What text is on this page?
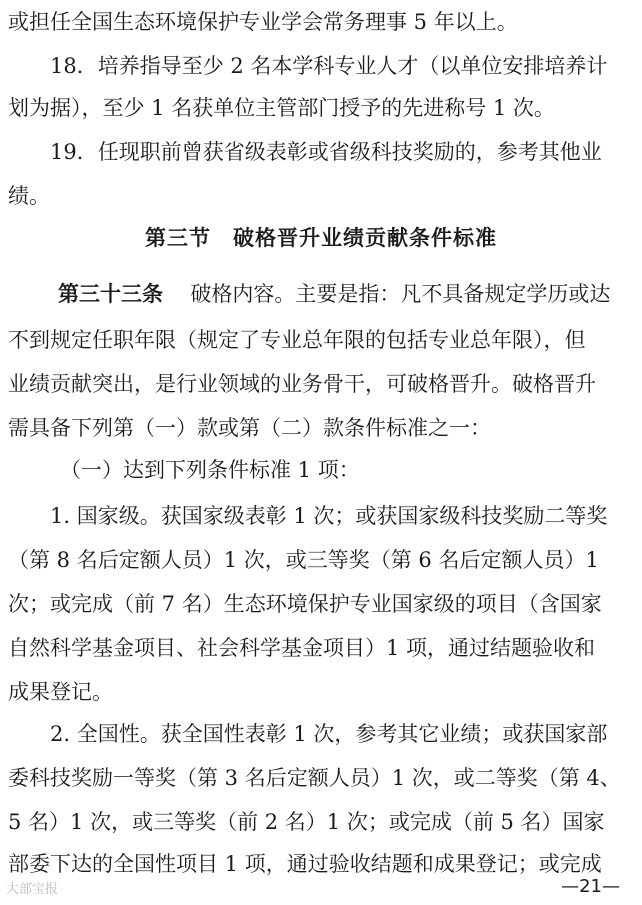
或担任全国生态环境保护专业学会常务理事 5 年以上。
18．培养指导至少 2 名本学科专业人才（以单位安排培养计
划为据），至少 1 名获单位主管部门授予的先进称号 1 次。
19．任现职前曾获省级表彰或省级科技奖励的，参考其他业
绩。
第三节　破格晋升业绩贡献条件标准
第三十三条 破格内容。主要是指：凡不具备规定学历或达
不到规定任职年限（规定了专业总年限的包括专业总年限），但
业绩贡献突出，是行业领域的业务骨干，可破格晋升。破格晋升
需具备下列第（一）款或第（二）款条件标准之一：
（一）达到下列条件标准 1 项：
1. 国家级。获国家级表彰 1 次；或获国家级科技奖励二等奖
（第 8 名后定额人员）1 次，或三等奖（第 6 名后定额人员）1
次；或完成（前 7 名）生态环境保护专业国家级的项目（含国家
自然科学基金项目、社会科学基金项目）1 项，通过结题验收和
成果登记。
2. 全国性。获全国性表彰 1 次，参考其它业绩；或获国家部
委科技奖励一等奖（第 3 名后定额人员）1 次，或二等奖（第 4、
5 名）1 次，或三等奖（前 2 名）1 次；或完成（前 5 名）国家
部委下达的全国性项目 1 项，通过验收结题和成果登记；或完成
大部宝报	—21—
